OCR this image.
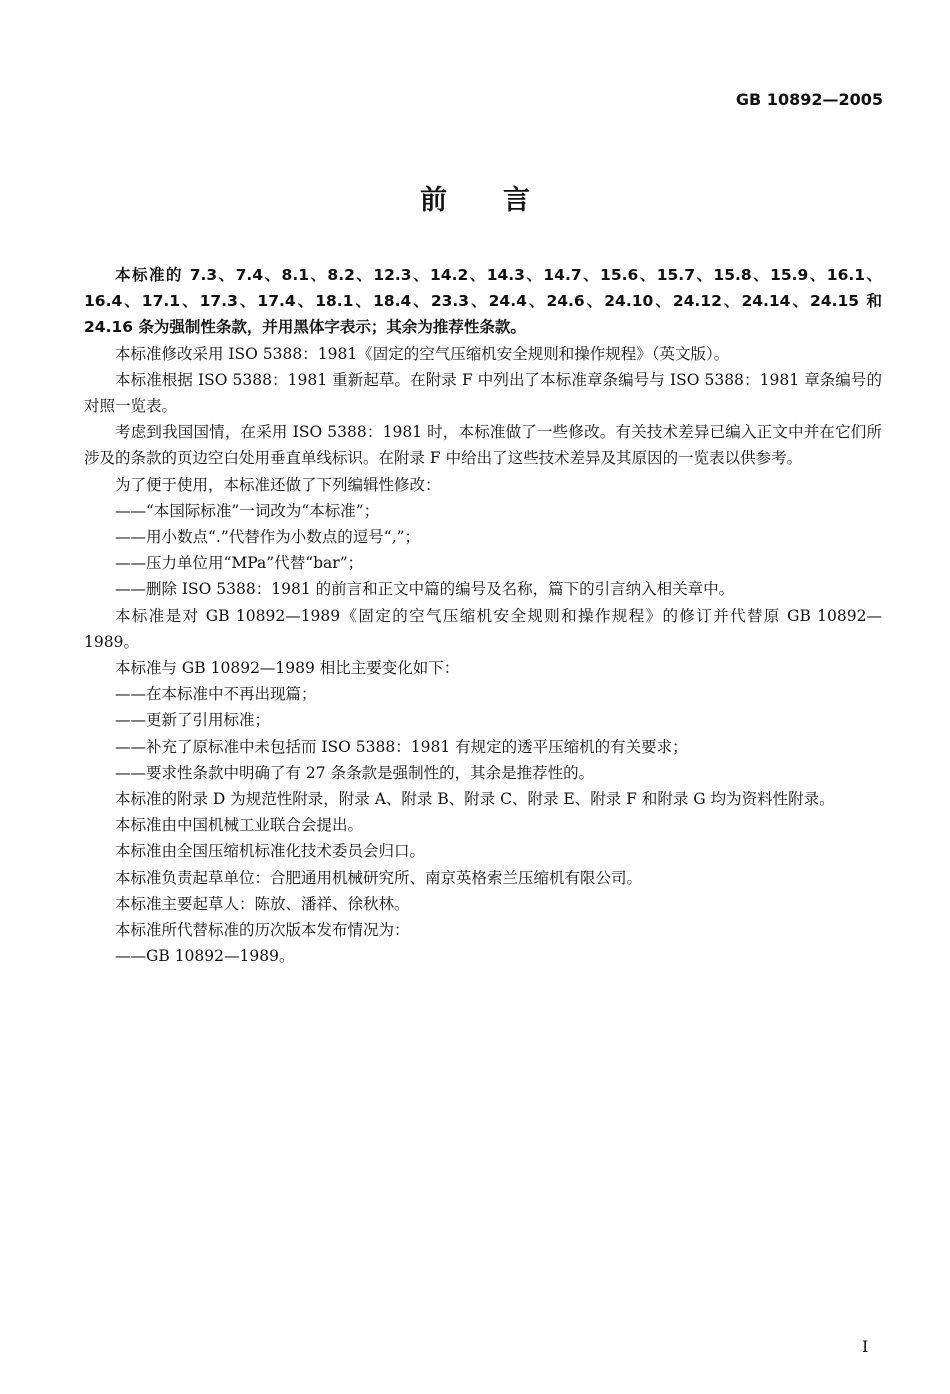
GB 10892—2005
前言

本标准的 7.3、7.4、8.1、8.2、12.3、14.2、14.3、14.7、15.6、15.7、15.8、15.9、16.1、16.4、17.1、17.3、17.4、18.1、18.4、23.3、24.4、24.6、24.10、24.12、24.14、24.15 和 24.16 条为强制性条款，并用黑体字表示；其余为推荐性条款。

本标准修改采用 ISO 5388：1981《固定的空气压缩机安全规则和操作规程》（英文版）。

本标准根据 ISO 5388：1981 重新起草。在附录 F 中列出了本标准章条编号与 ISO 5388：1981 章条编号的对照一览表。

考虑到我国国情，在采用 ISO 5388：1981 时，本标准做了一些修改。有关技术差异已编入正文中并在它们所涉及的条款的页边空白处用垂直单线标识。在附录 F 中给出了这些技术差异及其原因的一览表以供参考。

为了便于使用，本标准还做了下列编辑性修改：

——“本国际标准”一词改为“本标准”；

——用小数点“.”代替作为小数点的逗号“,”；

——压力单位用“MPa”代替“bar”；

——删除 ISO 5388：1981 的前言和正文中篇的编号及名称，篇下的引言纳入相关章中。

本标准是对 GB 10892—1989《固定的空气压缩机安全规则和操作规程》的修订并代替原 GB 10892—1989。

本标准与 GB 10892—1989 相比主要变化如下：

——在本标准中不再出现篇；

——更新了引用标准；

——补充了原标准中未包括而 ISO 5388：1981 有规定的透平压缩机的有关要求；

——要求性条款中明确了有 27 条条款是强制性的，其余是推荐性的。

本标准的附录 D 为规范性附录，附录 A、附录 B、附录 C、附录 E、附录 F 和附录 G 均为资料性附录。

本标准由中国机械工业联合会提出。

本标准由全国压缩机标准化技术委员会归口。

本标准负责起草单位：合肥通用机械研究所、南京英格索兰压缩机有限公司。

本标准主要起草人：陈放、潘祥、徐秋林。

本标准所代替标准的历次版本发布情况为：

——GB 10892—1989。

I
